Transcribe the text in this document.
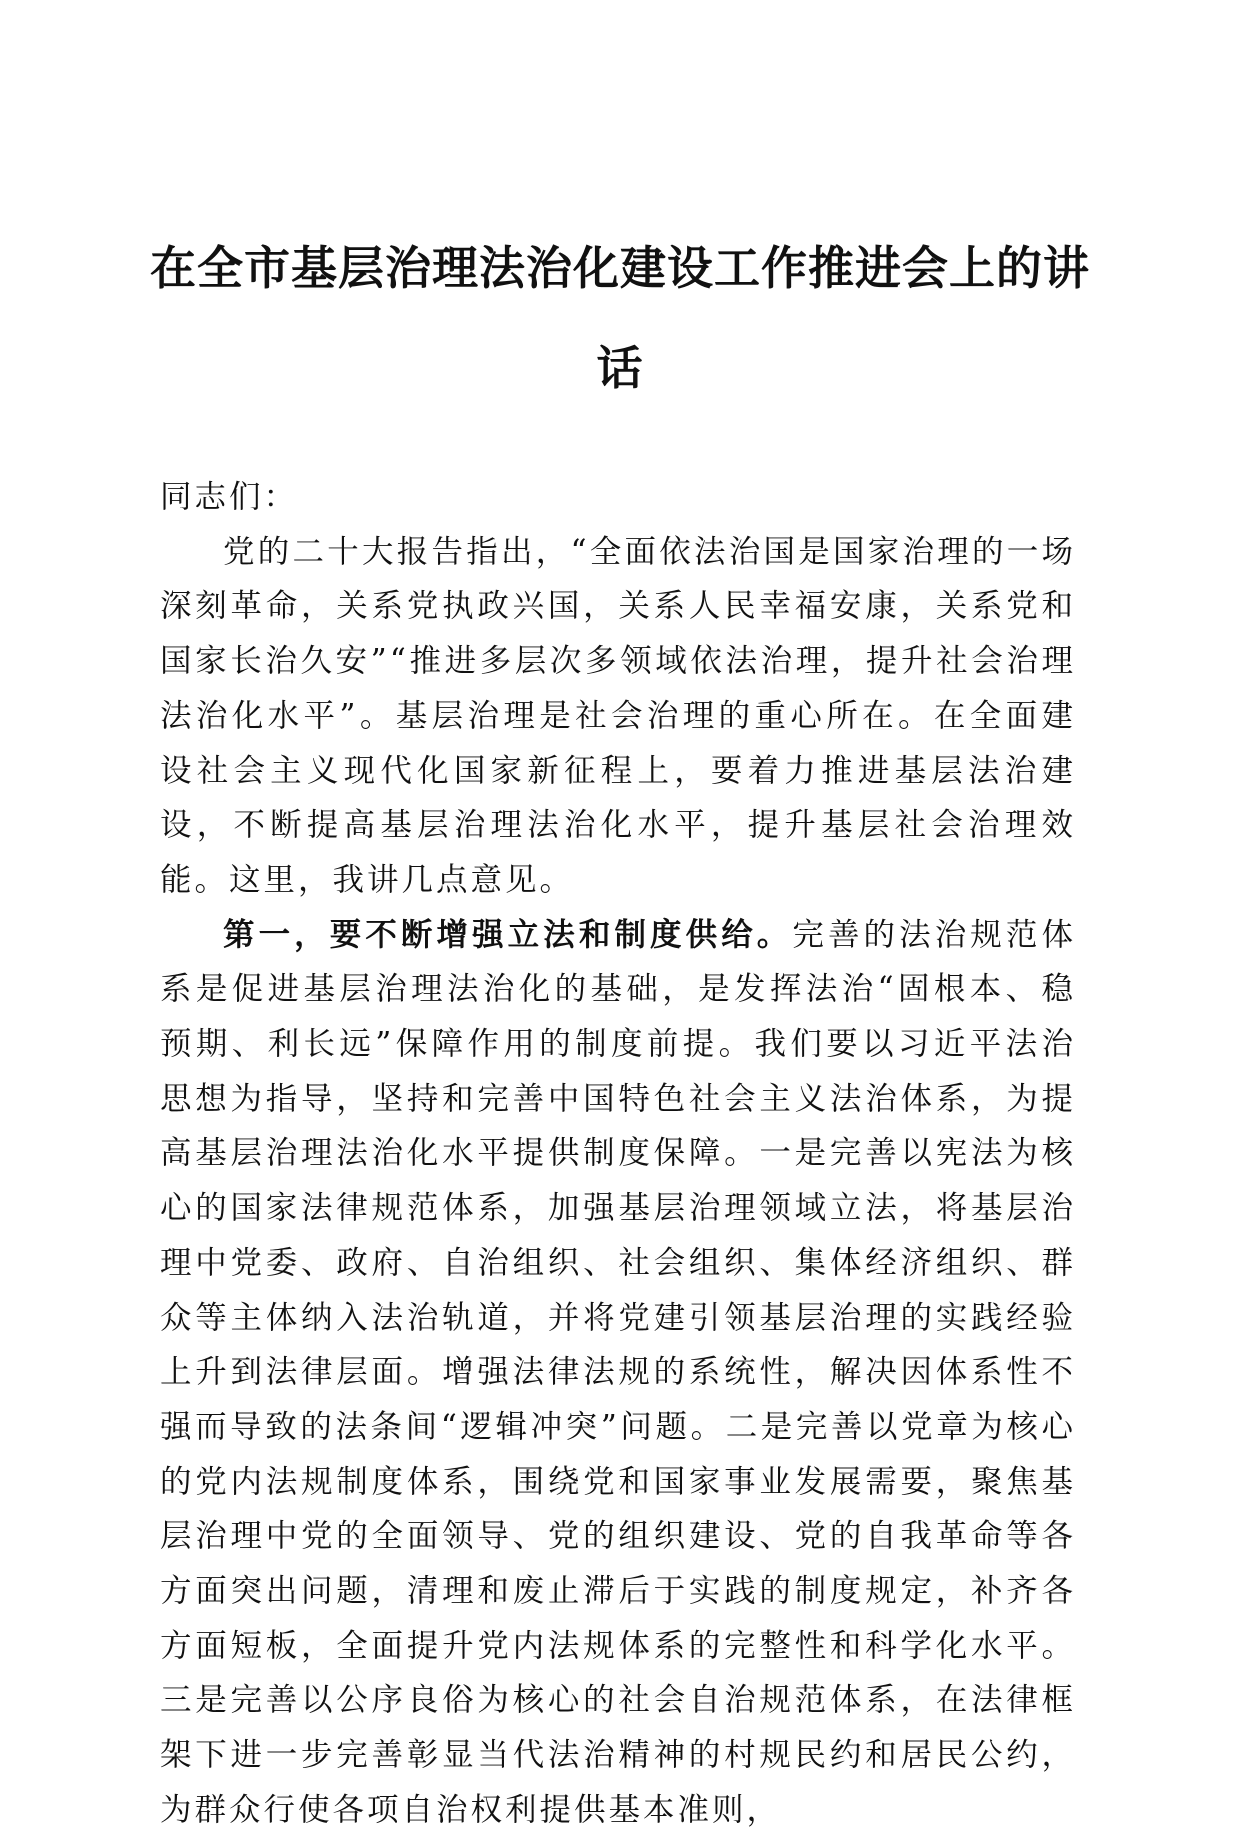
在全市基层治理法治化建设工作推进会上的讲话

同志们：

党的二十大报告指出，“全面依法治国是国家治理的一场深刻革命，关系党执政兴国，关系人民幸福安康，关系党和国家长治久安”“推进多层次多领域依法治理，提升社会治理法治化水平”。基层治理是社会治理的重心所在。在全面建设社会主义现代化国家新征程上，要着力推进基层法治建设，不断提高基层治理法治化水平，提升基层社会治理效能。这里，我讲几点意见。

第一，要不断增强立法和制度供给。完善的法治规范体系是促进基层治理法治化的基础，是发挥法治“固根本、稳预期、利长远”保障作用的制度前提。我们要以习近平法治思想为指导，坚持和完善中国特色社会主义法治体系，为提高基层治理法治化水平提供制度保障。一是完善以宪法为核心的国家法律规范体系，加强基层治理领域立法，将基层治理中党委、政府、自治组织、社会组织、集体经济组织、群众等主体纳入法治轨道，并将党建引领基层治理的实践经验上升到法律层面。增强法律法规的系统性，解决因体系性不强而导致的法条间“逻辑冲突”问题。二是完善以党章为核心的党内法规制度体系，围绕党和国家事业发展需要，聚焦基层治理中党的全面领导、党的组织建设、党的自我革命等各方面突出问题，清理和废止滞后于实践的制度规定，补齐各方面短板，全面提升党内法规体系的完整性和科学化水平。三是完善以公序良俗为核心的社会自治规范体系，在法律框架下进一步完善彰显当代法治精神的村规民约和居民公约，为群众行使各项自治权利提供基本准则，
